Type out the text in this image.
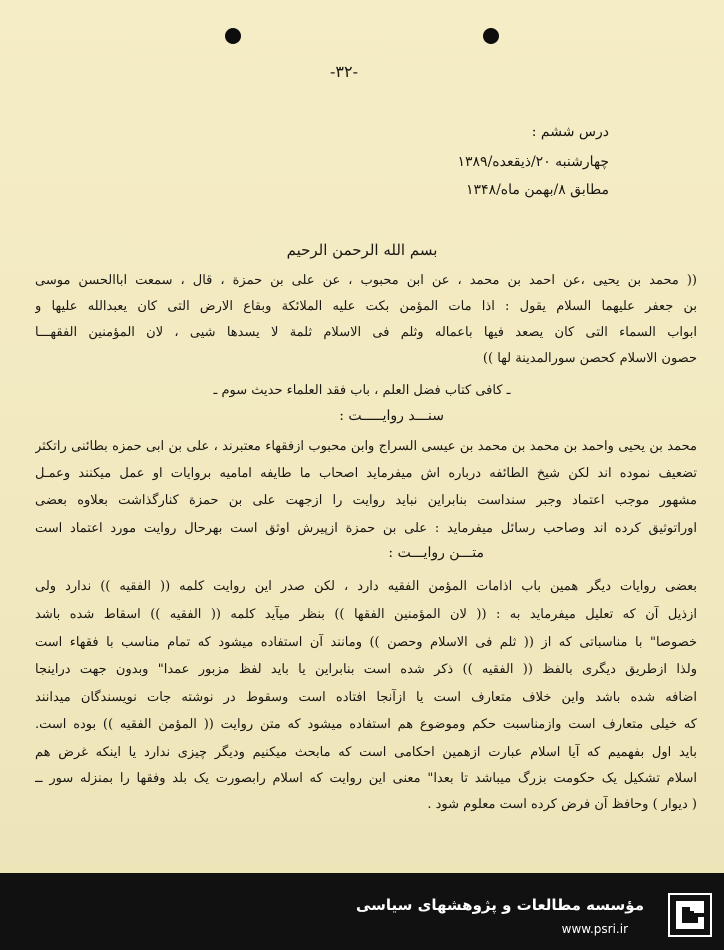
-۳۲-
درس ششم :
چهارشنبه ۲۰/ذیقعده/۱۳۸۹
مطابق ۸/بهمن ماه/۱۳۴۸
بسم الله الرحمن الرحیم
(( محمد بن یحیی ،عن احمد بن محمد ، عن ابن محبوب ، عن علی بن حمزة ، قال ، سمعت اباالحسن موسی
بن جعفر علیهما السلام یقول : اذا مات المؤمن بکت علیه الملائکة وبقاع الارض التی کان یعبدالله علیها و
ابواب السماء التی کان یصعد فیها باعماله وثلم فی الاسلام ثلمة لا یسدها شیی ، لان المؤمنین الفقهـــا
حصون الاسلام کحصن سورالمدینة لها ))
ـ کافی کتاب فضل العلم ، باب فقد العلماء حدیث سوم ـ
سنـــد روایـــــت :
محمد بن یحیی واحمد بن محمد بن محمد بن عیسی السراج وابن محبوب ازفقهاء معتبرند ، علی بن ابی حمزه بطائنی راتکثر
تضعیف نموده اند لکن شیخ الطائفه درباره اش میفرماید اصحاب ما طایفه امامیه بروایات او عمل میکنند وعمـل
مشهور موجب اعتماد وجبر سنداست بنابراین نباید روایت را ازجهت علی بن حمزة کنارگذاشت بعلاوه بعضی
اوراتوثیق کرده اند وصاحب رسائل میفرماید : علی بن حمزة ازپیرش اوثق است بهرحال روایت مورد اعتماد است
متـــن روایـــت :
بعضی روایات دیگر همین باب اذامات المؤمن الفقیه دارد ، لکن صدر این روایت کلمه (( الفقیه )) ندارد ولی
ازذیل آن که تعلیل میفرماید به : (( لان المؤمنین الفقها )) بنظر میآید کلمه (( الفقیه )) اسقاط شده باشد
خصوصا" با مناسباتی که از (( ثلم فی الاسلام وحصن )) ومانند آن استفاده میشود که تمام مناسب با فقهاء است
ولذا ازطریق دیگری بالفظ (( الفقیه )) ذکر شده است بنابراین یا باید لفظ مزبور عمدا" وبدون جهت دراینجا
اضافه شده باشد واین خلاف متعارف است یا ازآنجا افتاده است وسقوط در نوشته جات نویسندگان میدانند
که خیلی متعارف است وازمناسبت حکم وموضوع هم استفاده میشود که متن روایت (( المؤمن الفقیه )) بوده است.
باید اول بفهمیم که آیا اسلام عبارت ازهمین احکامی است که مابحث میکنیم ودیگر چیزی ندارد یا اینکه غرض هم
اسلام تشکیل یک حکومت بزرگ میباشد تا بعدا" معنی این روایت که اسلام رابصورت یک بلد وفقها را بمنزله سور ــ
( دیوار ) وحافظ آن فرض کرده است معلوم شود .
مؤسسه مطالعات و پژوهشهای سیاسی
www.psri.ir
